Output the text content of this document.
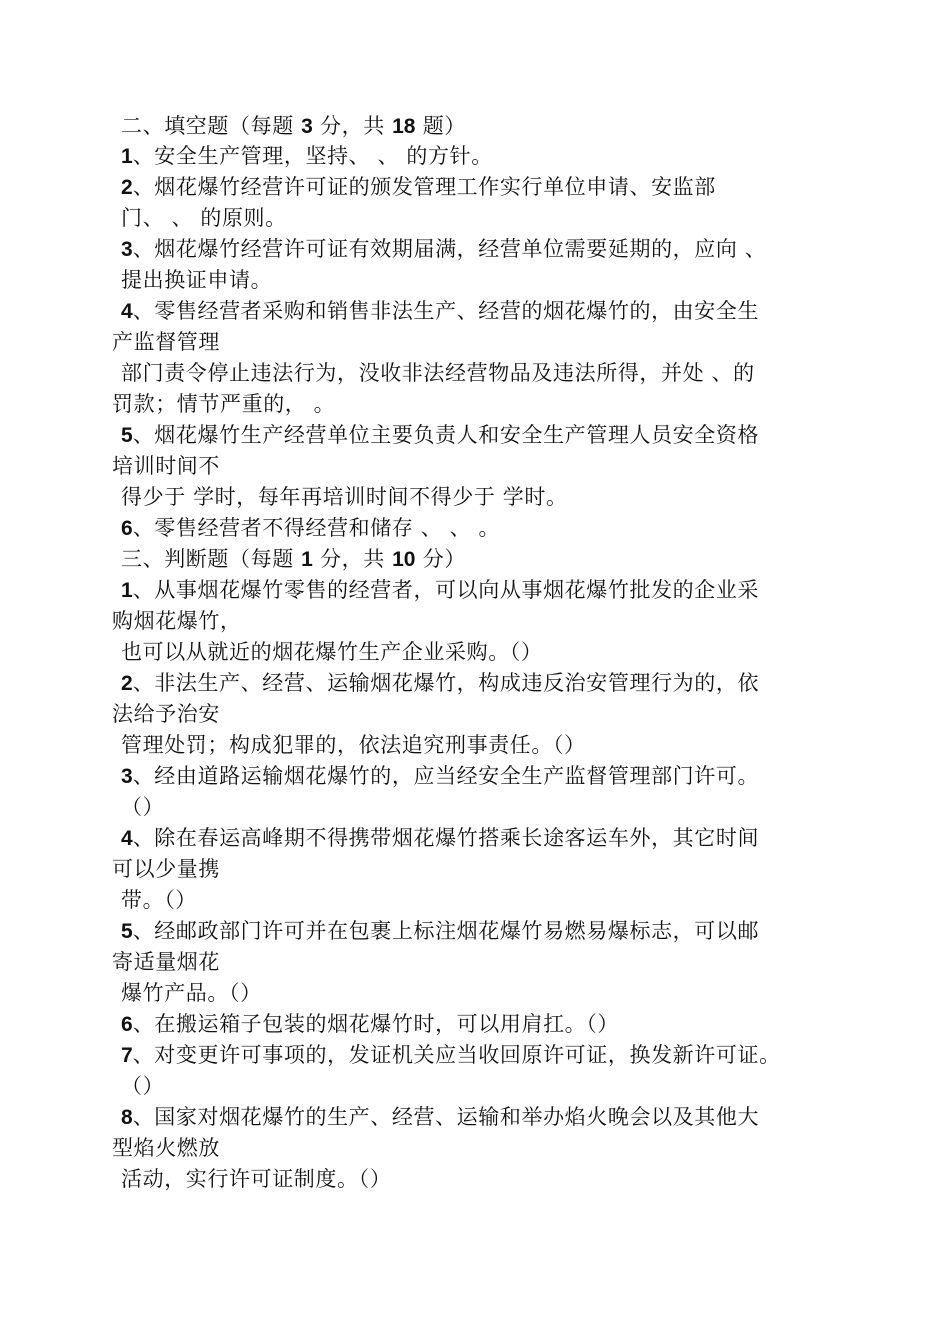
二、填空题（每题 3 分，共 18 题）
1、安全生产管理，坚持、 、 的方针。
2、烟花爆竹经营许可证的颁发管理工作实行单位申请、安监部
门、 、 的原则。
3、烟花爆竹经营许可证有效期届满，经营单位需要延期的，应向 、
提出换证申请。
4、零售经营者采购和销售非法生产、经营的烟花爆竹的，由安全生
产监督管理
部门责令停止违法行为，没收非法经营物品及违法所得，并处 、的
罚款；情节严重的， 。
5、烟花爆竹生产经营单位主要负责人和安全生产管理人员安全资格
培训时间不
得少于 学时，每年再培训时间不得少于 学时。
6、零售经营者不得经营和储存 、 、 。
三、判断题（每题 1 分，共 10 分）
1、从事烟花爆竹零售的经营者，可以向从事烟花爆竹批发的企业采
购烟花爆竹，
也可以从就近的烟花爆竹生产企业采购。（）
2、非法生产、经营、运输烟花爆竹，构成违反治安管理行为的，依
法给予治安
管理处罚；构成犯罪的，依法追究刑事责任。（）
3、经由道路运输烟花爆竹的，应当经安全生产监督管理部门许可。
（）
4、除在春运高峰期不得携带烟花爆竹搭乘长途客运车外，其它时间
可以少量携
带。（）
5、经邮政部门许可并在包裹上标注烟花爆竹易燃易爆标志，可以邮
寄适量烟花
爆竹产品。（）
6、在搬运箱子包装的烟花爆竹时，可以用肩扛。（）
7、对变更许可事项的，发证机关应当收回原许可证，换发新许可证。
（）
8、国家对烟花爆竹的生产、经营、运输和举办焰火晚会以及其他大
型焰火燃放
活动，实行许可证制度。（）
